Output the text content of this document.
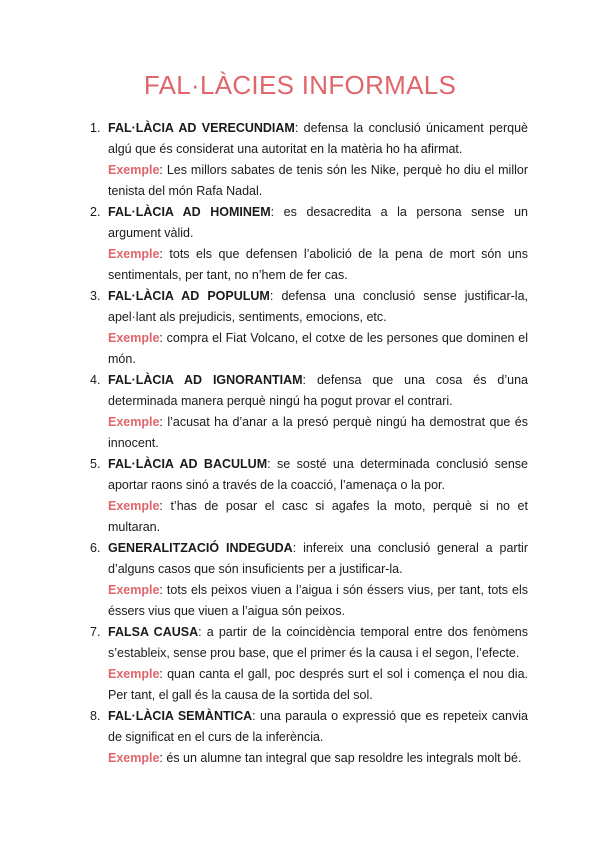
FAL·LÀCIES INFORMALS
1. FAL·LÀCIA AD VERECUNDIAM: defensa la conclusió únicament perquè algú que és considerat una autoritat en la matèria ho ha afirmat.

Exemple: Les millors sabates de tenis són les Nike, perquè ho diu el millor tenista del món Rafa Nadal.

2. FAL·LÀCIA AD HOMINEM: es desacredita a la persona sense un argument vàlid.

Exemple: tots els que defensen l’abolició de la pena de mort són uns sentimentals, per tant, no n’hem de fer cas.

3. FAL·LÀCIA AD POPULUM: defensa una conclusió sense justificar-la, apel·lant als prejudicis, sentiments, emocions, etc.

Exemple: compra el Fiat Volcano, el cotxe de les persones que dominen el món.

4. FAL·LÀCIA AD IGNORANTIAM: defensa que una cosa és d’una determinada manera perquè ningú ha pogut provar el contrari.

Exemple: l’acusat ha d’anar a la presó perquè ningú ha demostrat que és innocent.

5. FAL·LÀCIA AD BACULUM: se sosté una determinada conclusió sense aportar raons sinó a través de la coacció, l’amenaça o la por.

Exemple: t’has de posar el casc si agafes la moto, perquè si no et multaran.

6. GENERALITZACIÓ INDEGUDA: infereix una conclusió general a partir d’alguns casos que són insuficients per a justificar-la.

Exemple: tots els peixos viuen a l’aigua i són éssers vius, per tant, tots els éssers vius que viuen a l’aigua són peixos.

7. FALSA CAUSA: a partir de la coincidència temporal entre dos fenòmens s’estableix, sense prou base, que el primer és la causa i el segon, l’efecte.

Exemple: quan canta el gall, poc després surt el sol i comença el nou dia. Per tant, el gall és la causa de la sortida del sol.

8. FAL·LÀCIA SEMÀNTICA: una paraula o expressió que es repeteix canvia de significat en el curs de la inferència.

Exemple: és un alumne tan integral que sap resoldre les integrals molt bé.
